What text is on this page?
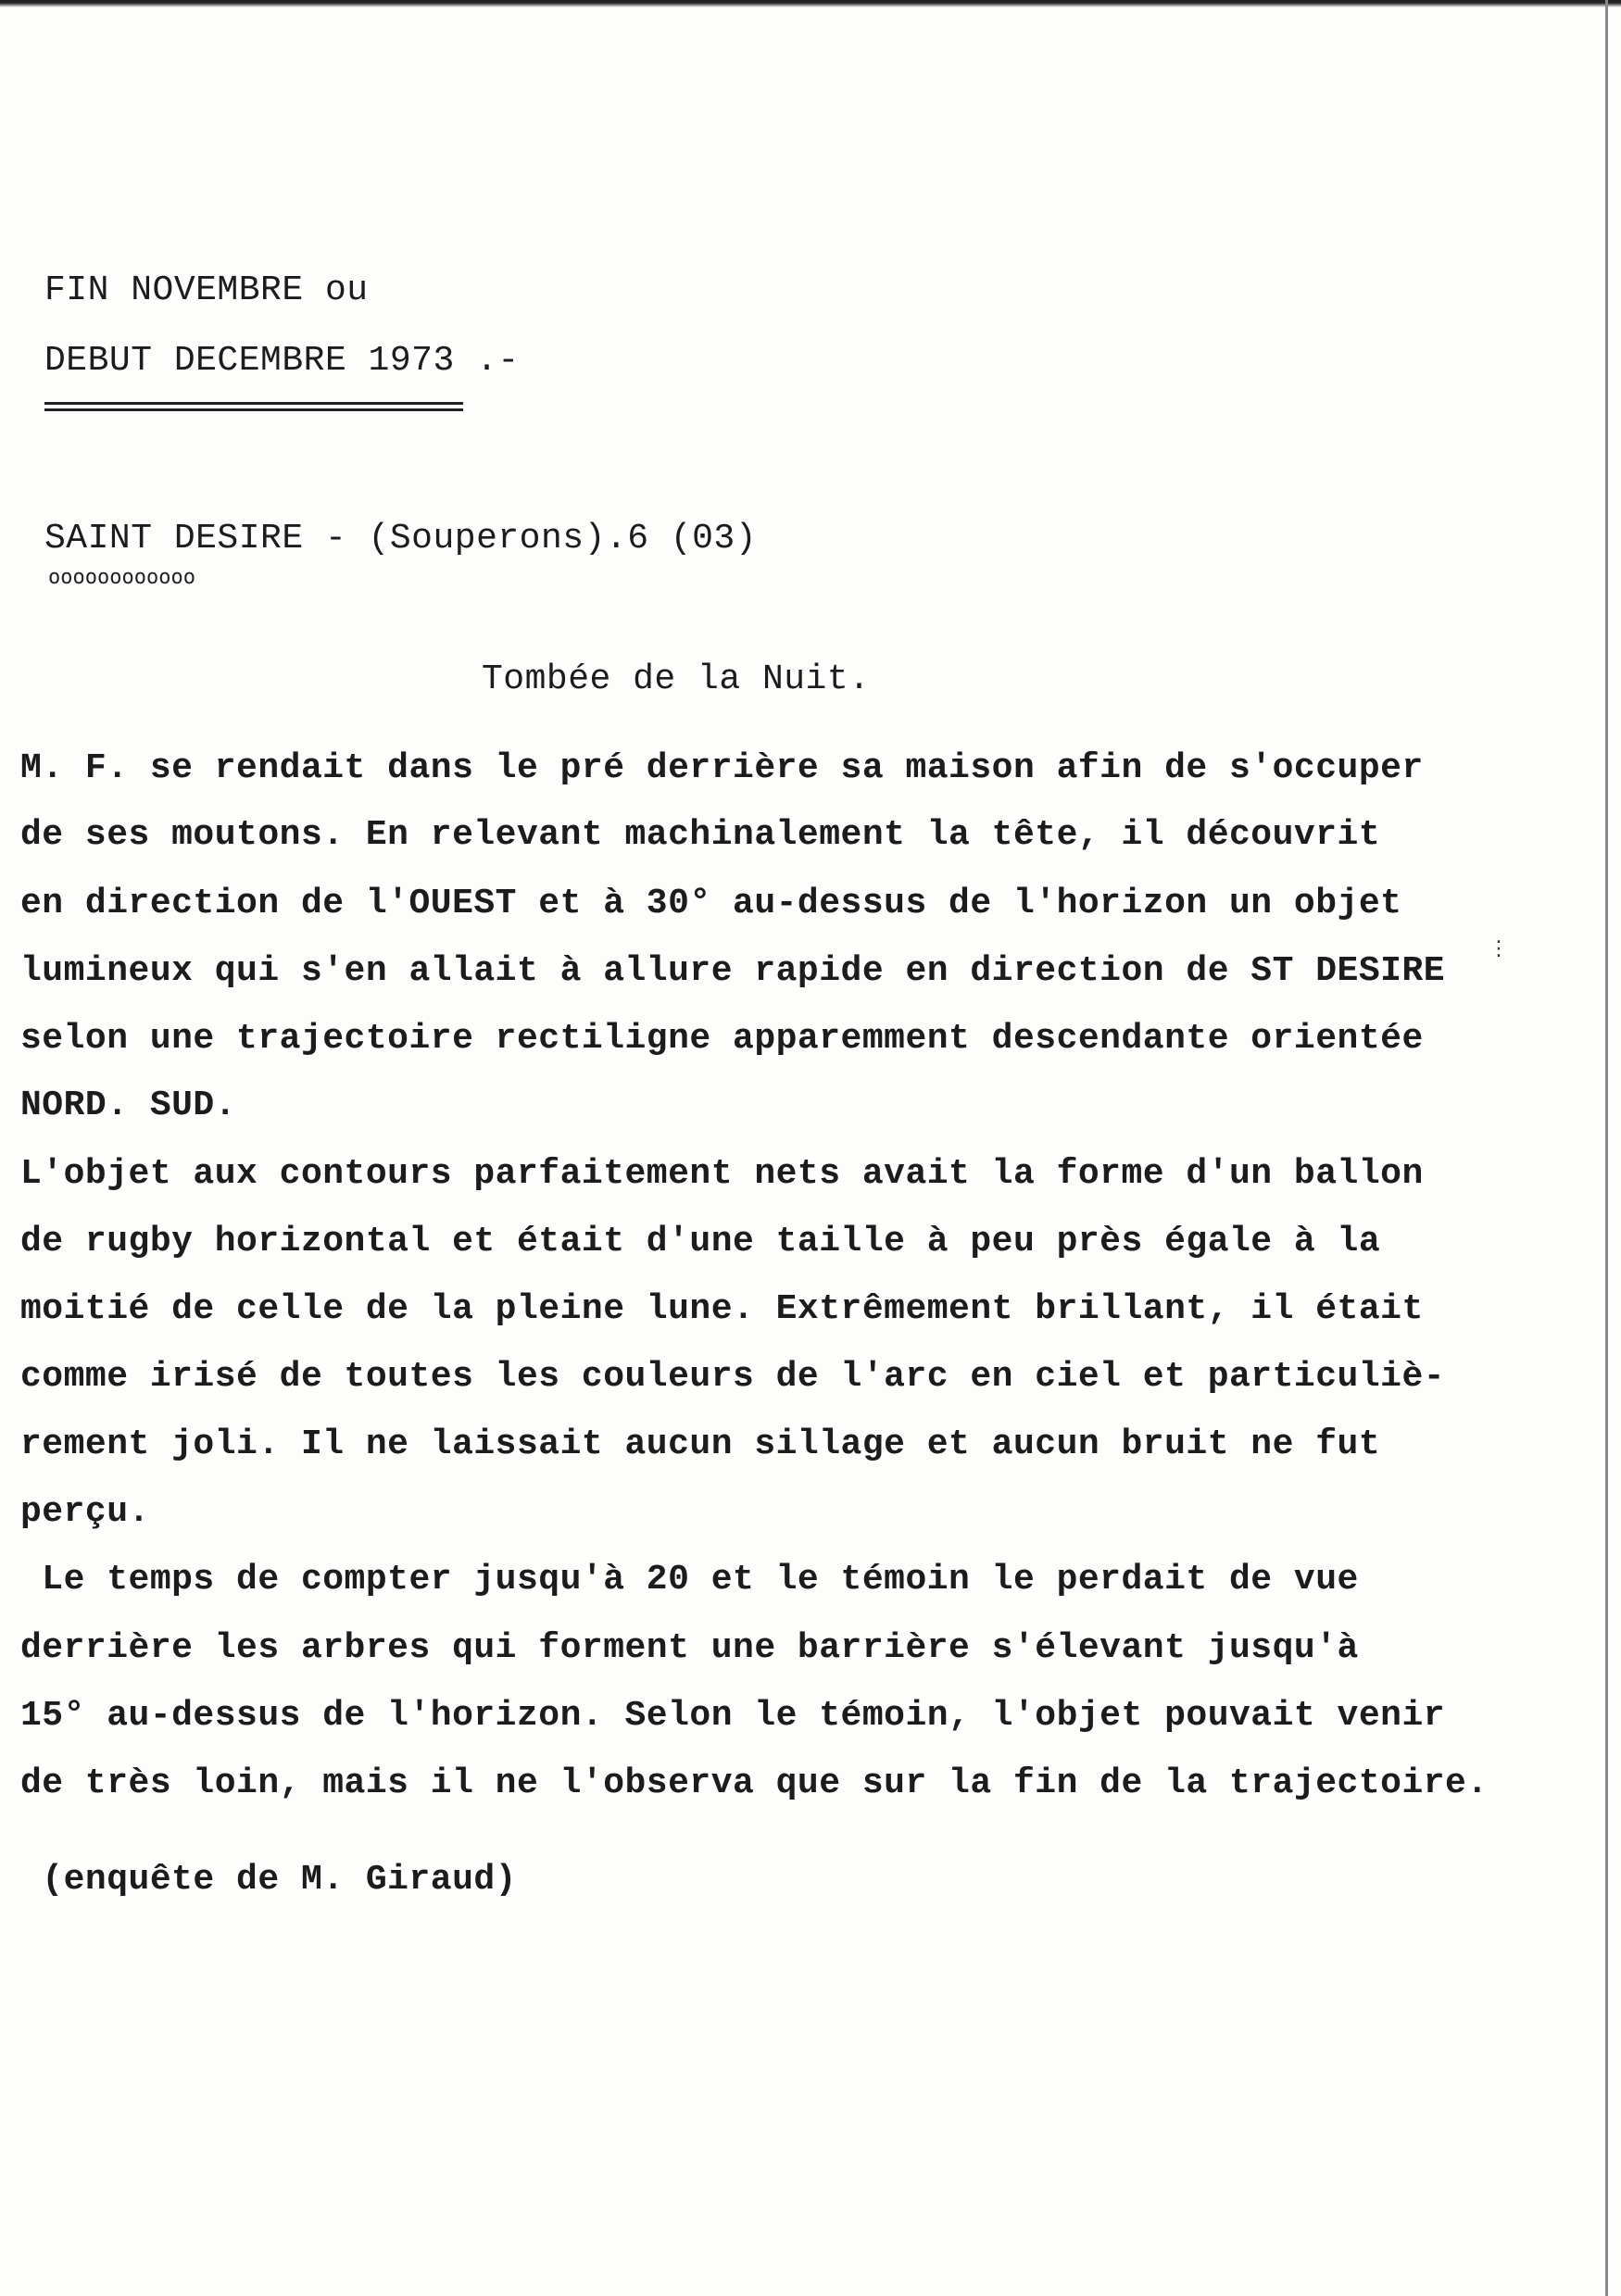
FIN NOVEMBRE ou
DEBUT DECEMBRE 1973 .-
SAINT DESIRE - (Souperons).6 (03)
oooooooooooo
Tombée de la Nuit.
M. F. se rendait dans le pré derrière sa maison afin de s'occuper
de ses moutons. En relevant machinalement la tête, il découvrit
en direction de l'OUEST et à 30° au-dessus de l'horizon un objet
lumineux qui s'en allait à allure rapide en direction de ST DESIRE
selon une trajectoire rectiligne apparemment descendante orientée
NORD. SUD.
L'objet aux contours parfaitement nets avait la forme d'un ballon
de rugby horizontal et était d'une taille à peu près égale à la
moitié de celle de la pleine lune. Extrêmement brillant, il était
comme irisé de toutes les couleurs de l'arc en ciel et particuliè-
rement joli. Il ne laissait aucun sillage et aucun bruit ne fut
perçu.
Le temps de compter jusqu'à 20 et le témoin le perdait de vue
derrière les arbres qui forment une barrière s'élevant jusqu'à
15° au-dessus de l'horizon. Selon le témoin, l'objet pouvait venir
de très loin, mais il ne l'observa que sur la fin de la trajectoire.
(enquête de M. Giraud)
⋮
